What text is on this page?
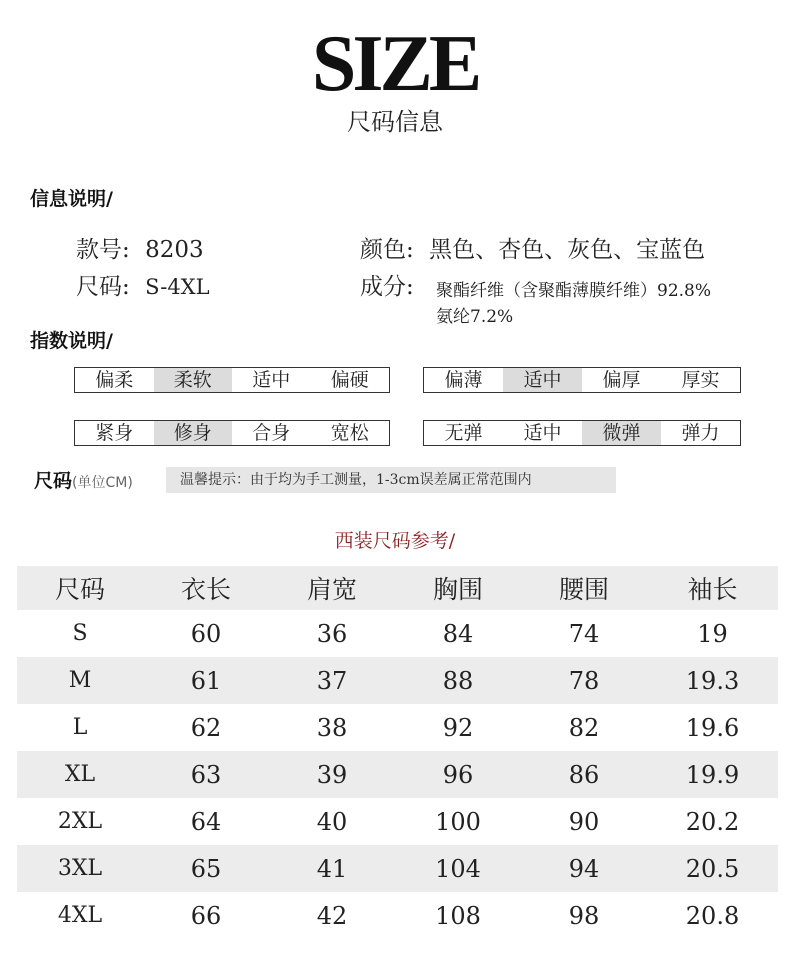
SIZE
尺码信息
信息说明/
款号: 8203
尺码: S-4XL
颜色: 黑色、杏色、灰色、宝蓝色
成分: 聚酯纤维（含聚酯薄膜纤维）92.8%
氨纶7.2%
指数说明/
偏柔	柔软	适中	偏硬	偏薄	适中	偏厚	厚实
紧身	修身	合身	宽松	无弹	适中	微弹	弹力
尺码(单位CM)	温馨提示：由于均为手工测量，1-3cm误差属正常范围内
西装尺码参考/
尺码	衣长	肩宽	胸围	腰围	袖长
S	60	36	84	74	19
M	61	37	88	78	19.3
L	62	38	92	82	19.6
XL	63	39	96	86	19.9
2XL	64	40	100	90	20.2
3XL	65	41	104	94	20.5
4XL	66	42	108	98	20.8
